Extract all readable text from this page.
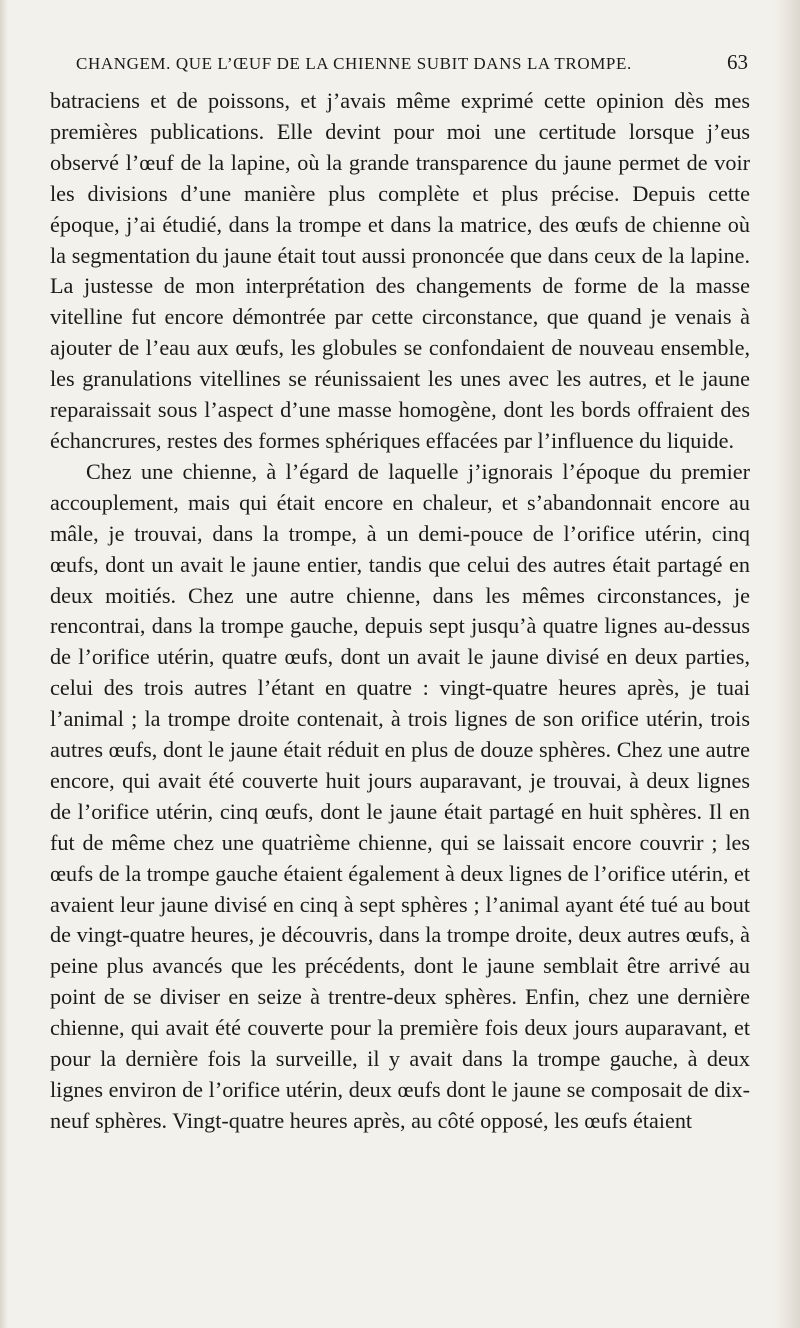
CHANGEM. QUE L’ŒUF DE LA CHIENNE SUBIT DANS LA TROMPE.	63

batraciens et de poissons, et j’avais même exprimé cette opinion dès mes premières publications. Elle devint pour moi une certitude lorsque j’eus observé l’œuf de la lapine, où la grande transparence du jaune permet de voir les divisions d’une manière plus complète et plus précise. Depuis cette époque, j’ai étudié, dans la trompe et dans la matrice, des œufs de chienne où la segmentation du jaune était tout aussi prononcée que dans ceux de la lapine. La justesse de mon interprétation des changements de forme de la masse vitelline fut encore démontrée par cette circonstance, que quand je venais à ajouter de l’eau aux œufs, les globules se confondaient de nouveau ensemble, les granulations vitellines se réunissaient les unes avec les autres, et le jaune reparaissait sous l’aspect d’une masse homogène, dont les bords offraient des échancrures, restes des formes sphériques effacées par l’influence du liquide.

Chez une chienne, à l’égard de laquelle j’ignorais l’époque du premier accouplement, mais qui était encore en chaleur, et s’abandonnait encore au mâle, je trouvai, dans la trompe, à un demi-pouce de l’orifice utérin, cinq œufs, dont un avait le jaune entier, tandis que celui des autres était partagé en deux moitiés. Chez une autre chienne, dans les mêmes circonstances, je rencontrai, dans la trompe gauche, depuis sept jusqu’à quatre lignes au-dessus de l’orifice utérin, quatre œufs, dont un avait le jaune divisé en deux parties, celui des trois autres l’étant en quatre : vingt-quatre heures après, je tuai l’animal ; la trompe droite contenait, à trois lignes de son orifice utérin, trois autres œufs, dont le jaune était réduit en plus de douze sphères. Chez une autre encore, qui avait été couverte huit jours auparavant, je trouvai, à deux lignes de l’orifice utérin, cinq œufs, dont le jaune était partagé en huit sphères. Il en fut de même chez une quatrième chienne, qui se laissait encore couvrir ; les œufs de la trompe gauche étaient également à deux lignes de l’orifice utérin, et avaient leur jaune divisé en cinq à sept sphères ; l’animal ayant été tué au bout de vingt-quatre heures, je découvris, dans la trompe droite, deux autres œufs, à peine plus avancés que les précédents, dont le jaune semblait être arrivé au point de se diviser en seize à trentre-deux sphères. Enfin, chez une dernière chienne, qui avait été couverte pour la première fois deux jours auparavant, et pour la dernière fois la surveille, il y avait dans la trompe gauche, à deux lignes environ de l’orifice utérin, deux œufs dont le jaune se composait de dix-neuf sphères. Vingt-quatre heures après, au côté opposé, les œufs étaient
